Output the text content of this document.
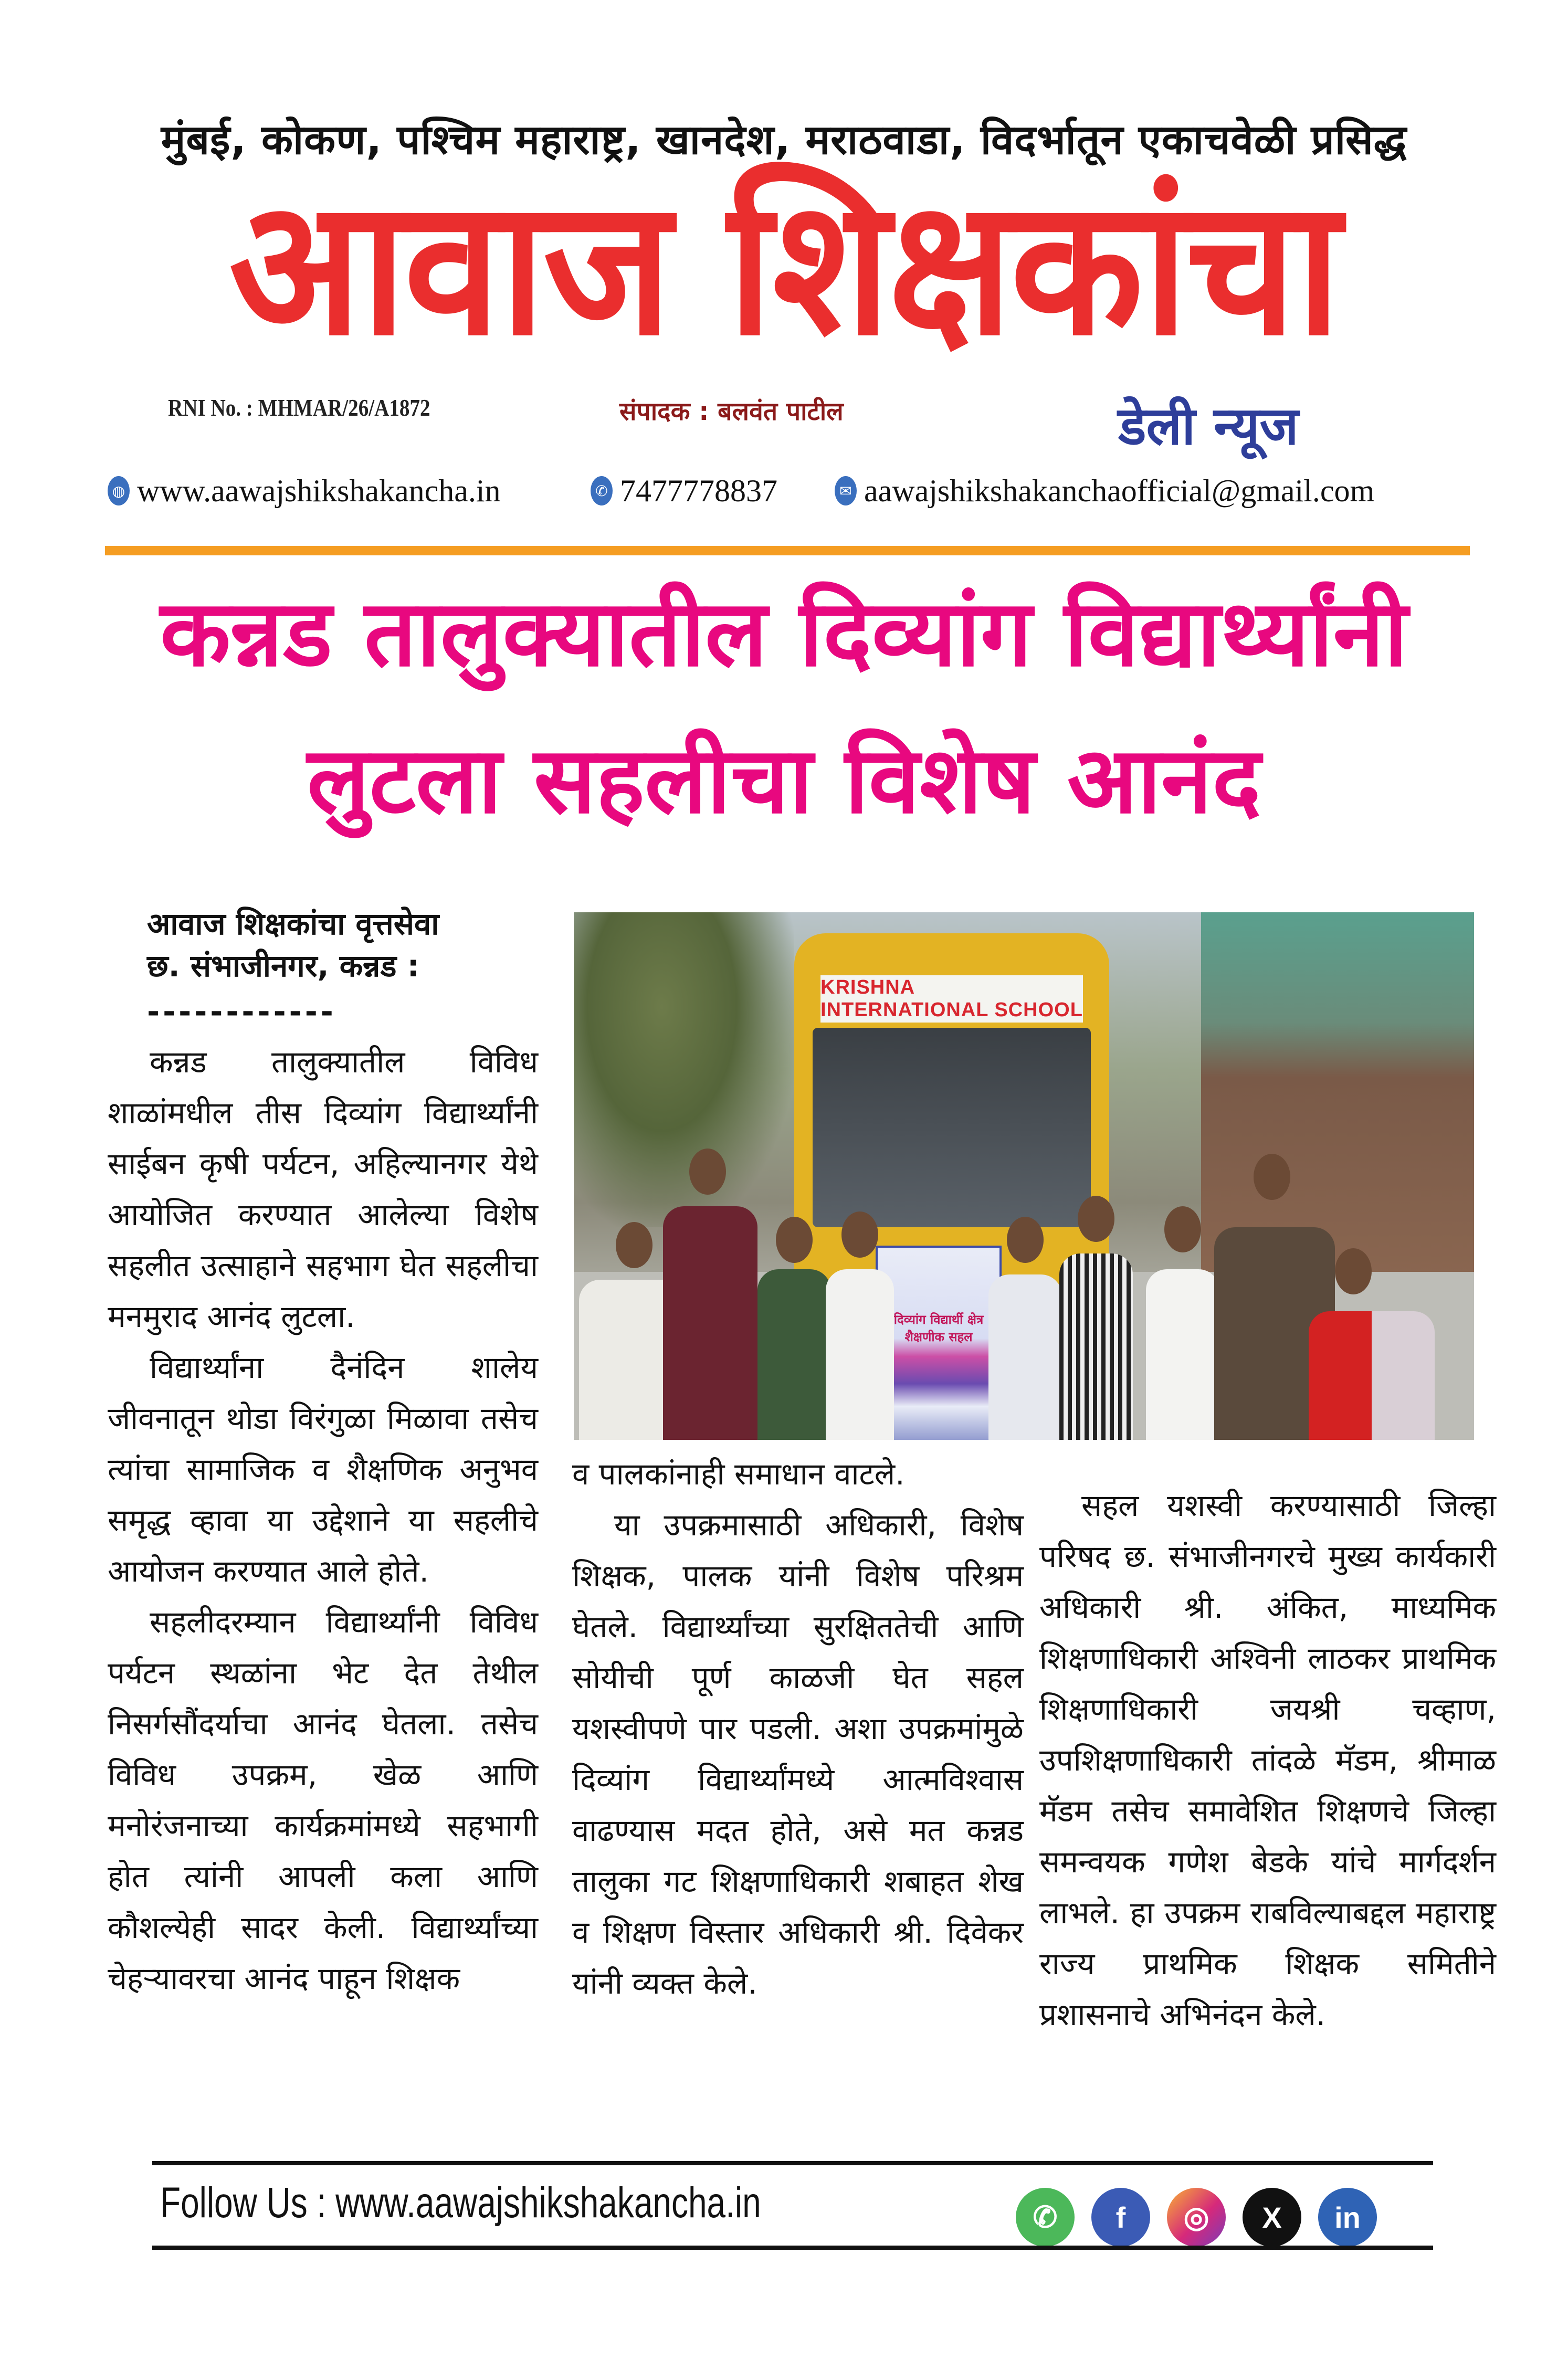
मुंबई, कोकण, पश्चिम महाराष्ट्र, खानदेश, मराठवाडा, विदर्भातून एकाचवेळी प्रसिद्ध
आवाज शिक्षकांचा
RNI No. : MHMAR/26/A1872	संपादक : बलवंत पाटील	डेली न्यूज
◍ www.aawajshikshakancha.in	✆ 7477778837	✉ aawajshikshakanchaofficial@gmail.com
कन्नड तालुक्यातील दिव्यांग विद्यार्थ्यांनी
लुटला सहलीचा विशेष आनंद
आवाज शिक्षकांचा वृत्तसेवा
छ. संभाजीनगर, कन्नड :
------------

कन्नड तालुक्यातील विविध शाळांमधील तीस दिव्यांग विद्यार्थ्यांनी साईबन कृषी पर्यटन, अहिल्यानगर येथे आयोजित करण्यात आलेल्या विशेष सहलीत उत्साहाने सहभाग घेत सहलीचा मनमुराद आनंद लुटला.

विद्यार्थ्यांना दैनंदिन शालेय जीवनातून थोडा विरंगुळा मिळावा तसेच त्यांचा सामाजिक व शैक्षणिक अनुभव समृद्ध व्हावा या उद्देशाने या सहलीचे आयोजन करण्यात आले होते.

सहलीदरम्यान विद्यार्थ्यांनी विविध पर्यटन स्थळांना भेट देत तेथील निसर्गसौंदर्याचा आनंद घेतला. तसेच विविध उपक्रम, खेळ आणि मनोरंजनाच्या कार्यक्रमांमध्ये सहभागी होत त्यांनी आपली कला आणि कौशल्येही सादर केली. विद्यार्थ्यांच्या चेहऱ्यावरचा आनंद पाहून शिक्षक

KRISHNA INTERNATIONAL SCHOOL
दिव्यांग विद्यार्थी क्षेत्र शैक्षणीक सहल

व पालकांनाही समाधान वाटले.

या उपक्रमासाठी अधिकारी, विशेष शिक्षक, पालक यांनी विशेष परिश्रम घेतले. विद्यार्थ्यांच्या सुरक्षिततेची आणि सोयीची पूर्ण काळजी घेत सहल यशस्वीपणे पार पडली. अशा उपक्रमांमुळे दिव्यांग विद्यार्थ्यांमध्ये आत्मविश्वास वाढण्यास मदत होते, असे मत कन्नड तालुका गट शिक्षणाधिकारी शबाहत शेख व शिक्षण विस्तार अधिकारी श्री. दिवेकर यांनी व्यक्त केले.

सहल यशस्वी करण्यासाठी जिल्हा परिषद छ. संभाजीनगरचे मुख्य कार्यकारी अधिकारी श्री. अंकित, माध्यमिक शिक्षणाधिकारी अश्विनी लाठकर प्राथमिक शिक्षणाधिकारी जयश्री चव्हाण, उपशिक्षणाधिकारी तांदळे मॅडम, श्रीमाळ मॅडम तसेच समावेशित शिक्षणचे जिल्हा समन्वयक गणेश बेडके यांचे मार्गदर्शन लाभले. हा उपक्रम राबविल्याबद्दल महाराष्ट्र राज्य प्राथमिक शिक्षक समितीने प्रशासनाचे अभिनंदन केले.

Follow Us : www.aawajshikshakancha.in	✆	f	◎	X	in
